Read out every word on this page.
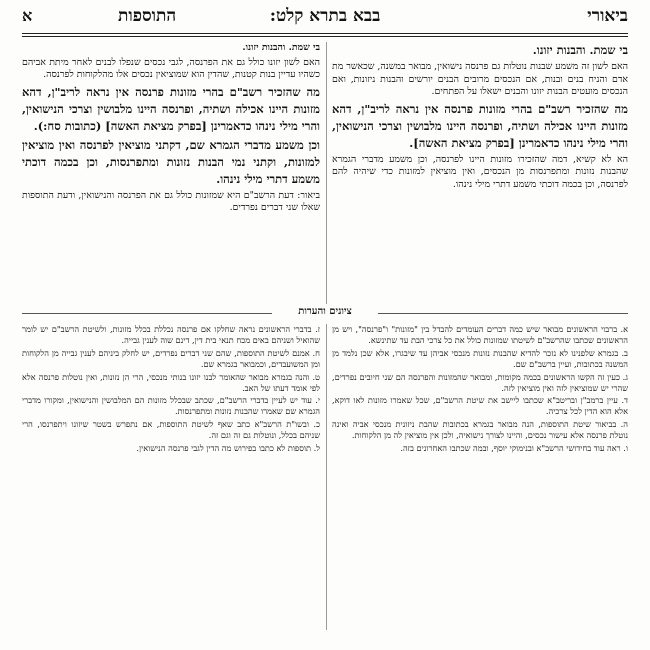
ביאורי
בבא בתרא קלט:
התוספות
א

בי שמת. והבנות יזונו.

האם לשון זה משמע שבנות נוטלות גם פרנסה נישואין, מבואר במשנה, שכאשר מת אדם והניח בנים ובנות, אם הנכסים מרובים הבנים יורשים והבנות ניזונות, ואם הנכסים מועטים הבנות יזונו והבנים ישאלו על הפתחים.

מה שהזכיר רשב"ם בהרי מזונות פרנסה אין נראה לריב"ן, דהא מזונות היינו אכילה ושתיה, ופרנסה היינו מלבושין וצרכי הנישואין, והרי מילי נינהו כדאמרינן [בפרק מציאת האשה].

הא לא קשיא, דמה שהזכירו מזונות היינו לפרנסה, וכן משמע מדברי הגמרא שהבנות נזונות ומתפרנסות מן הנכסים, ואין מוציאין למזונות כדי שיהיה להם לפרנסה, וכן בכמה דוכתי משמע דתרי מילי נינהו.

בי שמת. והבנות יזונו.

האם לשון יזונו כולל גם את הפרנסה, לגבי נכסים שנפלו לבנים לאחר מיתת אביהם כשהיו עדיין בנות קטנות, שהדין הוא שמוציאין נכסים אלו מהלקוחות לפרנסה.

מה שהזכיר רשב"ם בהרי מזונות פרנסה אין נראה לריב"ן, דהא מזונות היינו אכילה ושתיה, ופרנסה היינו מלבושין וצרכי הנישואין, והרי מילי נינהו כדאמרינן [בפרק מציאת האשה] (כתובות סח:).

וכן משמע מדברי הגמרא שם, דקתני מוציאין לפרנסה ואין מוציאין למזונות, וקתני נמי הבנות נזונות ומתפרנסות, וכן בכמה דוכתי משמע דתרי מילי נינהו.

ביאור: דעת הרשב"ם היא שמזונות כולל גם את הפרנסה והנישואין, ודעת התוספות שאלו שני דברים נפרדים.

ציונים והערות

א. ברבוי הראשונים מבואר שיש כמה דברים העומדים להבדל בין "מזונות" ו"פרנסה", ויש מן הראשונים שכתבו שהרשב"ם לשיטתו שמזונות כולל את כל צרכי הבת עד שתינשא.

ב. בגמרא שלפנינו לא נזכר להדיא שהבנות נזונות מנכסי אביהן עד שיבגרו, אלא שכן נלמד מן המשנה בכתובות, ועיין ברשב"ם שם.

ג. כעין זה הקשו הראשונים בכמה מקומות, ומבואר שהמזונות והפרנסה הם שני חיובים נפרדים, שהרי יש שמוציאין לזה ואין מוציאין לזה.

ד. עיין ברמב"ן ובריטב"א שכתבו ליישב את שיטת הרשב"ם, שכל שאמרו מזונות לאו דוקא, אלא הוא הדין לכל צרכיה.

ה. בביאור שיטת התוספות, הנה מבואר בגמרא בכתובות שהבת ניזונית מנכסי אביה ואינה נוטלת פרנסה אלא עישור נכסים, והיינו לצורך נישואיה, ולכן אין מוציאין לה מן הלקוחות.

ו. ראה עוד בחידושי הרשב"א ובנימוקי יוסף, ובמה שכתבו האחרונים בזה.

ז. בדברי הראשונים נראה שחלקו אם פרנסה נכללת בכלל מזונות, ולשיטת הרשב"ם יש לומר שהואיל ושניהם באים מכח תנאי בית דין, דינם שוה לענין גבייה.

ח. אמנם לשיטת התוספות, שהם שני דברים נפרדים, יש לחלק ביניהם לענין גבייה מן הלקוחות ומן המשועבדים, וכמבואר בגמרא שם.

ט. והנה בגמרא מבואר שהאומר לבנו יזונו בנותי מנכסי, הרי הן נזונות, ואין נוטלות פרנסה אלא לפי אומד דעתו של האב.

י. עוד יש לעיין בדברי הרשב"ם, שכתב שבכלל מזונות הם המלבושין והנישואין, ומקורו מדברי הגמרא שם שאמרו שהבנות נזונות ומתפרנסות.

כ. ובשו"ת הרשב"א כתב שאף לשיטת התוספות, אם נתפרש בשטר שיזונו ויתפרנסו, הרי שניהם בכלל, ונוטלות גם זה וגם זה.

ל. תוספות לא כתבו בפירוש מה הדין לגבי פרנסה הנישואין.
